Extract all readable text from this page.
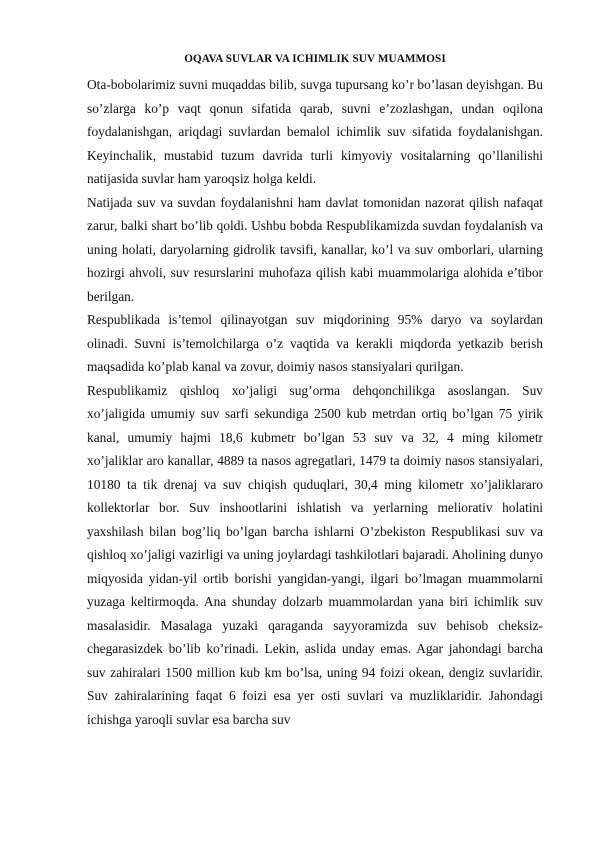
OQAVA SUVLAR VA ICHIMLIK SUV MUAMMOSI

Ota-bobolarimiz suvni muqaddas bilib, suvga tupursang ko’r bo’lasan deyishgan. Bu so’zlarga ko’p vaqt qonun sifatida qarab, suvni e’zozlashgan, undan oqilona foydalanishgan, ariqdagi suvlardan bemalol ichimlik suv sifatida foydalanishgan. Keyinchalik, mustabid tuzum davrida turli kimyoviy vositalarning qo’llanilishi natijasida suvlar ham yaroqsiz holga keldi.

Natijada suv va suvdan foydalanishni ham davlat tomonidan nazorat qilish nafaqat zarur, balki shart bo’lib qoldi. Ushbu bobda Respublikamizda suvdan foydalanish va uning holati, daryolarning gidrolik tavsifi, kanallar, ko’l va suv omborlari, ularning hozirgi ahvoli, suv resurslarini muhofaza qilish kabi muammolariga alohida e’tibor berilgan.

Respublikada is’temol qilinayotgan suv miqdorining 95% daryo va soylardan olinadi. Suvni is’temolchilarga o’z vaqtida va kerakli miqdorda yetkazib berish maqsadida ko’plab kanal va zovur, doimiy nasos stansiyalari qurilgan.

Respublikamiz qishloq xo’jaligi sug’orma dehqonchilikga asoslangan. Suv xo’jaligida umumiy suv sarfi sekundiga 2500 kub metrdan ortiq bo’lgan 75 yirik kanal, umumiy hajmi 18,6 kubmetr bo’lgan 53 suv va 32, 4 ming kilometr xo’jaliklar aro kanallar, 4889 ta nasos agregatlari, 1479 ta doimiy nasos stansiyalari, 10180 ta tik drenaj va suv chiqish quduqlari, 30,4 ming kilometr xo’jaliklararo kollektorlar bor. Suv inshootlarini ishlatish va yerlarning meliorativ holatini yaxshilash bilan bog’liq bo’lgan barcha ishlarni O’zbekiston Respublikasi suv va qishloq xo’jaligi vazirligi va uning joylardagi tashkilotlari bajaradi. Aholining dunyo miqyosida yidan-yil ortib borishi yangidan-yangi, ilgari bo’lmagan muammolarni yuzaga keltirmoqda. Ana shunday dolzarb muammolardan yana biri ichimlik suv masalasidir. Masalaga yuzaki qaraganda sayyoramizda suv behisob cheksiz-chegarasizdek bo’lib ko’rinadi. Lekin, aslida unday emas. Agar jahondagi barcha suv zahiralari 1500 million kub km bo’lsa, uning 94 foizi okean, dengiz suvlaridir. Suv zahiralarining faqat 6 foizi esa yer osti suvlari va muzliklaridir. Jahondagi ichishga yaroqli suvlar esa barcha suv
